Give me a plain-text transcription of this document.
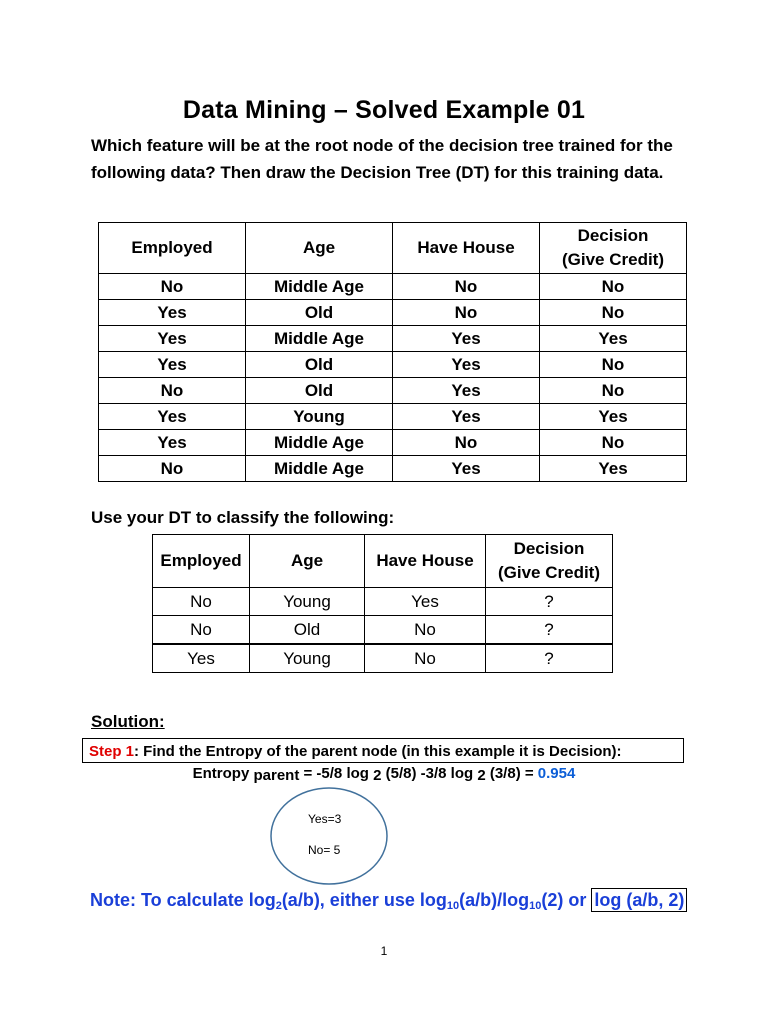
Data Mining – Solved Example 01
Which feature will be at the root node of the decision tree trained for the following data? Then draw the Decision Tree (DT) for this training data.
Employed	Age	Have House	Decision
(Give Credit)
No	Middle Age	No	No
Yes	Old	No	No
Yes	Middle Age	Yes	Yes
Yes	Old	Yes	No
No	Old	Yes	No
Yes	Young	Yes	Yes
Yes	Middle Age	No	No
No	Middle Age	Yes	Yes
Use your DT to classify the following:
Employed	Age	Have House	Decision
(Give Credit)
No	Young	Yes	?
No	Old	No	?
Yes	Young	No	?
Solution:
Step 1: Find the Entropy of the parent node (in this example it is Decision):
Entropy parent = -5/8 log 2 (5/8) -3/8 log 2 (3/8) = 0.954
Yes=3
No= 5
Note: To calculate $\log_2(a/b)$, either use $\log_{10}(a/b)/\log_{10}(2)$ or log (a/b, 2)
1
